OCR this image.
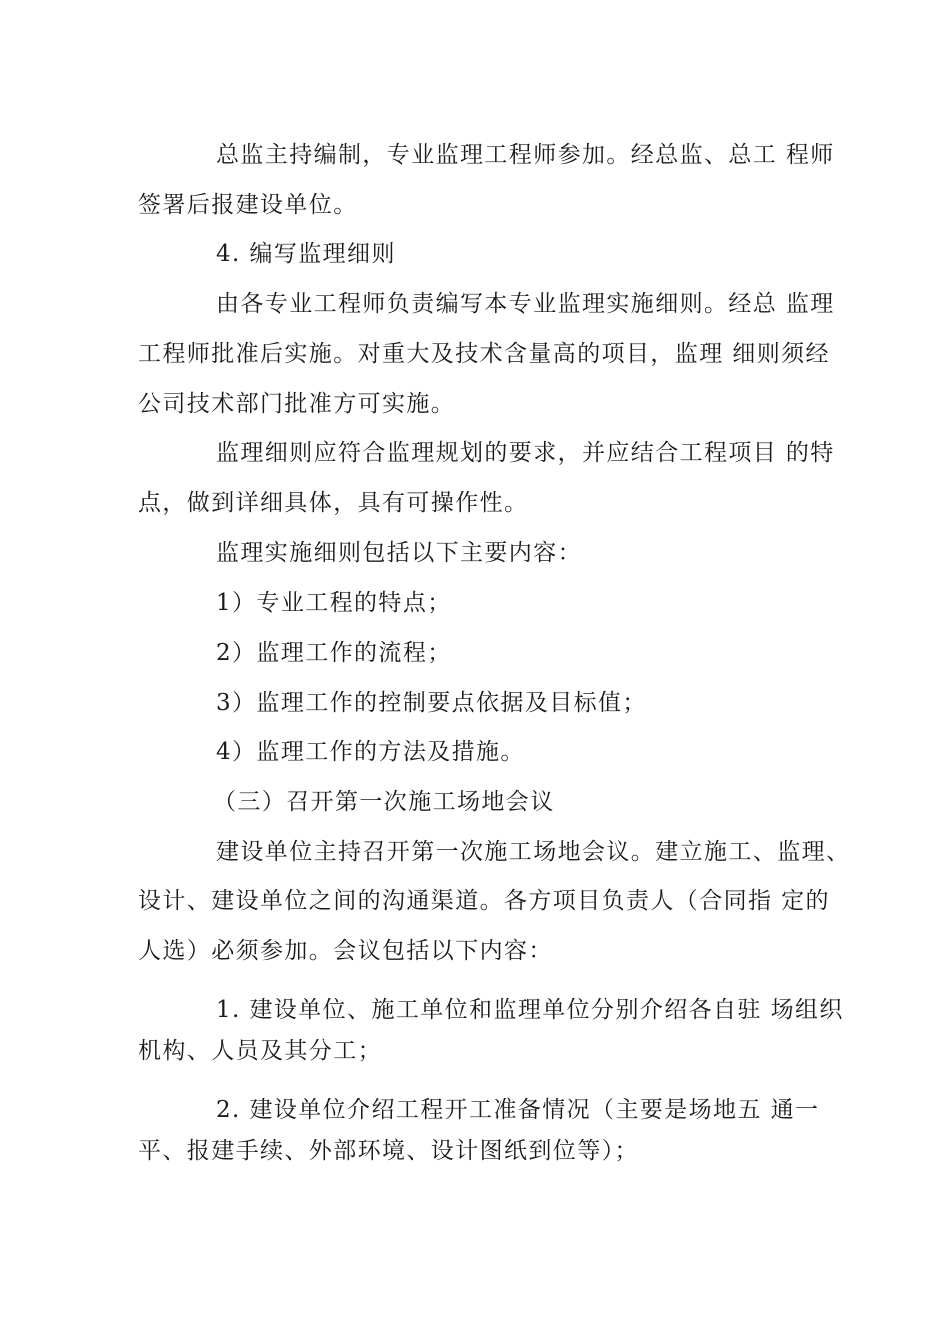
总监主持编制，专业监理工程师参加。经总监、总工 程师

签署后报建设单位。

4. 编写监理细则

由各专业工程师负责编写本专业监理实施细则。经总 监理

工程师批准后实施。对重大及技术含量高的项目，监理 细则须经

公司技术部门批准方可实施。

监理细则应符合监理规划的要求，并应结合工程项目 的特

点，做到详细具体，具有可操作性。

监理实施细则包括以下主要内容：

1）专业工程的特点；

2）监理工作的流程；

3）监理工作的控制要点依据及目标值；

4）监理工作的方法及措施。

（三）召开第一次施工场地会议

建设单位主持召开第一次施工场地会议。建立施工、监理、

设计、建设单位之间的沟通渠道。各方项目负责人（合同指 定的

人选）必须参加。会议包括以下内容：

1. 建设单位、施工单位和监理单位分别介绍各自驻 场组织

机构、人员及其分工；

2. 建设单位介绍工程开工准备情况（主要是场地五 通一

平、报建手续、外部环境、设计图纸到位等）；
